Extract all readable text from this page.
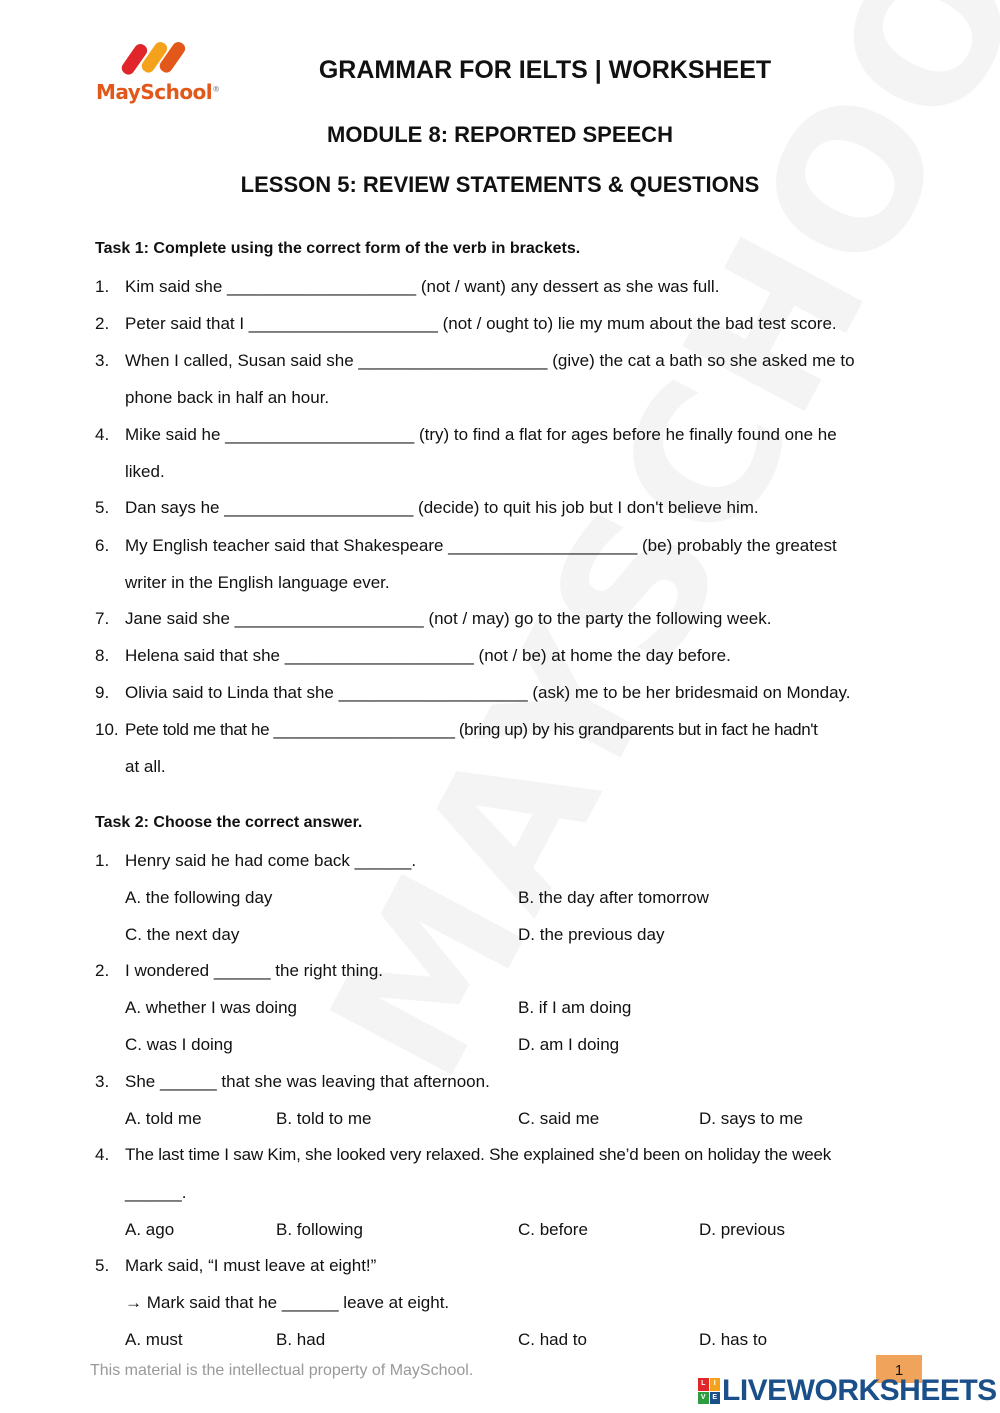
MaySchool®
GRAMMAR FOR IELTS | WORKSHEET
MODULE 8: REPORTED SPEECH
LESSON 5: REVIEW STATEMENTS & QUESTIONS
Task 1: Complete using the correct form of the verb in brackets.
1. Kim said she ____________________ (not / want) any dessert as she was full.
2. Peter said that I ____________________ (not / ought to) lie my mum about the bad test score.
3. When I called, Susan said she ____________________ (give) the cat a bath so she asked me to
phone back in half an hour.
4. Mike said he ____________________ (try) to find a flat for ages before he finally found one he
liked.
5. Dan says he ____________________ (decide) to quit his job but I don't believe him.
6. My English teacher said that Shakespeare ____________________ (be) probably the greatest
writer in the English language ever.
7. Jane said she ____________________ (not / may) go to the party the following week.
8. Helena said that she ____________________ (not / be) at home the day before.
9. Olivia said to Linda that she ____________________ (ask) me to be her bridesmaid on Monday.
10. Pete told me that he ____________________ (bring up) by his grandparents but in fact he hadn't
at all.
Task 2: Choose the correct answer.
1. Henry said he had come back ______.
A. the following day	B. the day after tomorrow
C. the next day	D. the previous day
2. I wondered ______ the right thing.
A. whether I was doing	B. if I am doing
C. was I doing	D. am I doing
3. She ______ that she was leaving that afternoon.
A. told me	B. told to me	C. said me	D. says to me
4. The last time I saw Kim, she looked very relaxed. She explained she’d been on holiday the week
______.
A. ago	B. following	C. before	D. previous
5. Mark said, “I must leave at eight!”
→ Mark said that he ______ leave at eight.
A. must	B. had	C. had to	D. has to
This material is the intellectual property of MaySchool.	1
L	I
V E LIVEWORKSHEETS
